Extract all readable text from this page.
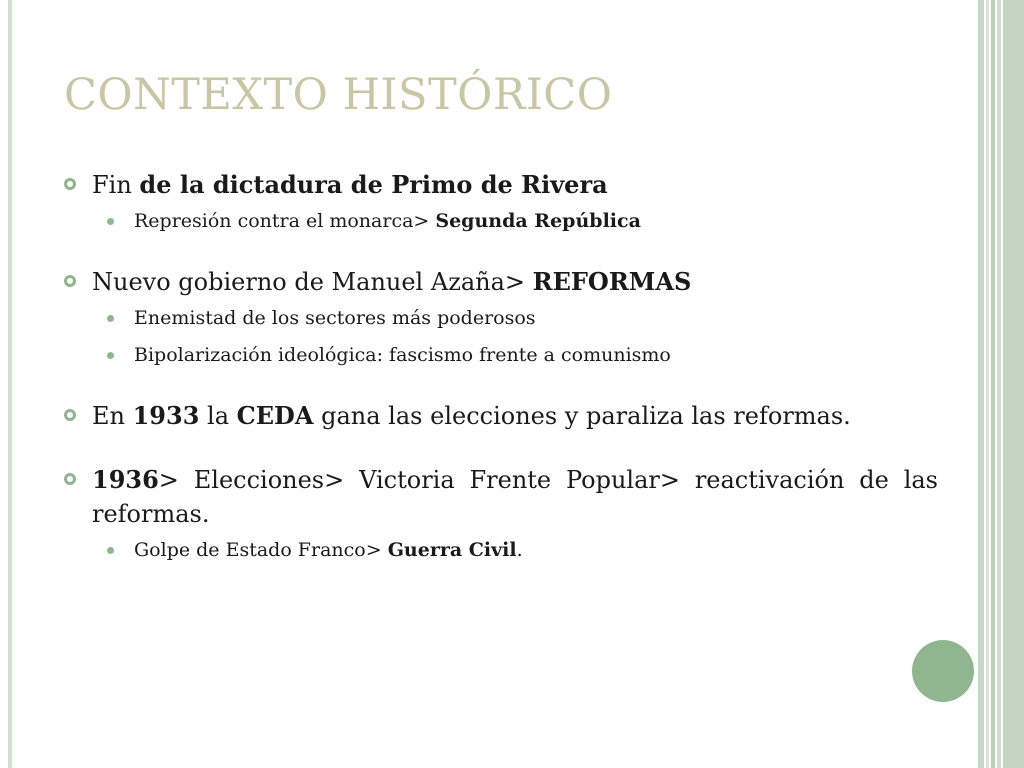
CONTEXTO HISTÓRICO
Fin de la dictadura de Primo de Rivera
Represión contra el monarca> Segunda República
Nuevo gobierno de Manuel Azaña> REFORMAS
Enemistad de los sectores más poderosos
Bipolarización ideológica: fascismo frente a comunismo
En 1933 la CEDA gana las elecciones y paraliza las reformas.
1936> Elecciones> Victoria Frente Popular> reactivación de las reformas.
Golpe de Estado Franco> Guerra Civil.
